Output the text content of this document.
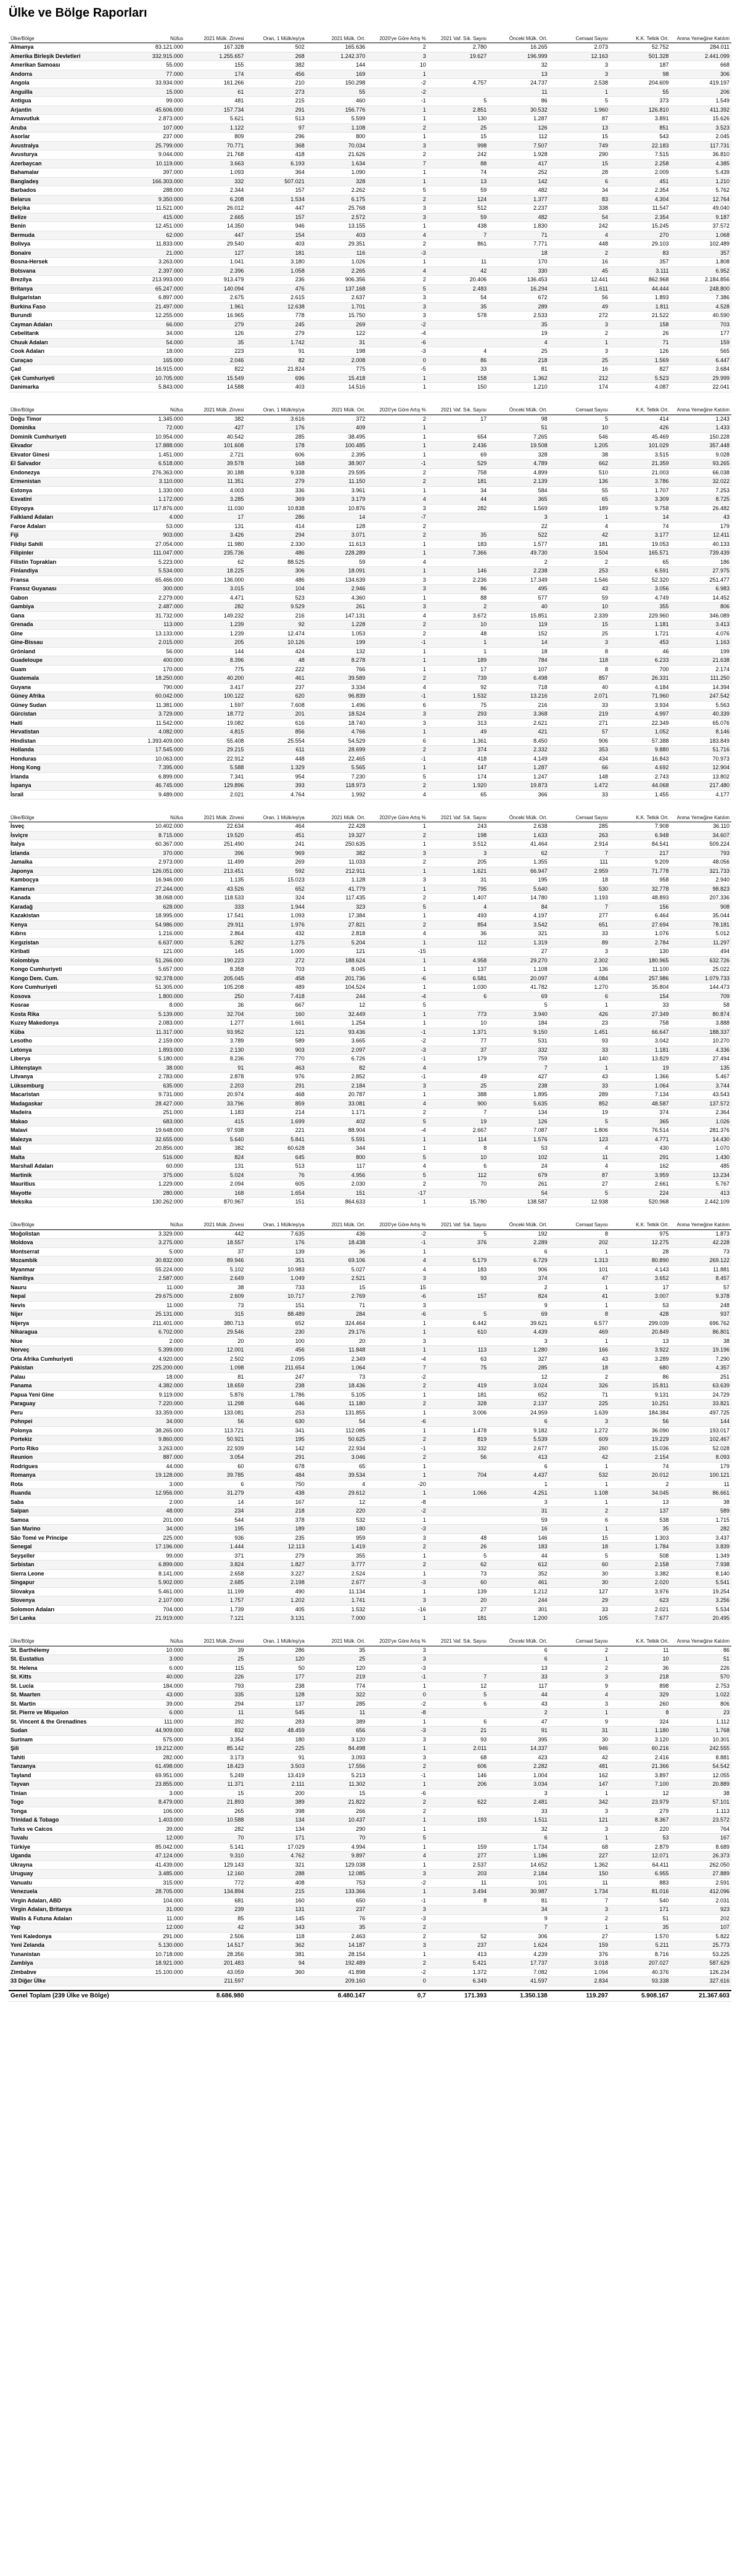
Ülke ve Bölge Raporları
Ülke/Bölge	Nüfus	2021 Mülk. Zirvesi	Oran, 1 Mülk/eş/ya	2021 Mülk. Ort.	2020'ye Göre Artış %	2021 Vaf. Sık. Sayısı	Önceki Mülk. Ort.	Cemaat Sayısı	K.K. Tetkik Ort.	Anma Yemeğine Katılım
Almanya	83.121.000	167.328	502	165.636	2	2.780	16.265	2.073	52.752	284.011
Amerika Birleşik Devletleri	332.915.000	1.255.657	268	1.242.370	3	19.627	196.999	12.163	501.328	2.441.099
Amerikan Samoası	55.000	155	382	144	10		32	3	187	668
Andorra	77.000	174	456	169	1		13	3	98	306
Angola	33.934.000	161.266	210	150.298	-2	4.757	24.737	2.538	204.609	419.197
Anguilla	15.000	61	273	55	-2		11	1	55	206
Antigua	99.000	481	215	460	-1	5	86	5	373	1.549
Arjantin	45.606.000	157.734	291	156.776	1	2.851	30.532	1.960	126.810	411.392
Arnavutluk	2.873.000	5.621	513	5.599	1	130	1.287	87	3.891	15.626
Aruba	107.000	1.122	97	1.108	2	25	126	13	851	3.523
Asorlar	237.000	809	296	800	1	15	112	15	543	2.045
Avustralya	25.799.000	70.771	368	70.034	3	998	7.507	749	22.183	117.731
Avusturya	9.044.000	21.768	418	21.626	2	242	1.928	290	7.515	36.810
Azerbaycan	10.119.000	3.663	6.193	1.634	7	88	417	15	2.258	4.385
Bahamalar	397.000	1.093	364	1.090	1	74	252	28	2.009	5.439
Bangladeş	166.303.000	332	507.021	328	1	13	142	6	451	1.210
Barbados	288.000	2.344	157	2.262	5	59	482	34	2.354	5.762
Belarus	9.350.000	6.208	1.534	6.175	2	124	1.377	83	4.304	12.764
Belçika	11.521.000	26.012	447	25.768	3	512	2.237	338	11.547	49.040
Belize	415.000	2.665	157	2.572	3	59	482	54	2.354	9.187
Benin	12.451.000	14.350	946	13.155	1	438	1.830	242	15.245	37.572
Bermuda	62.000	447	154	403	4	7	71	4	270	1.068
Bolivya	11.833.000	29.540	403	29.351	2	861	7.771	448	29.103	102.489
Bonaire	21.000	127	181	116	-3		18	2	83	357
Bosna-Hersek	3.263.000	1.041	3.180	1.026	1	11	170	16	357	1.808
Botsvana	2.397.000	2.396	1.058	2.265	4	42	330	45	3.111	6.952
Brezilya	213.993.000	913.479	236	906.356	2	20.406	136.453	12.441	862.968	2.184.856
Britanya	65.247.000	140.094	476	137.168	5	2.483	16.294	1.611	44.444	248.800
Bulgaristan	6.897.000	2.675	2.615	2.637	3	54	672	56	1.893	7.386
Burkina Faso	21.497.000	1.961	12.638	1.701	3	35	289	49	1.811	4.528
Burundi	12.255.000	16.965	778	15.750	3	578	2.533	272	21.522	40.590
Cayman Adaları	66.000	279	245	269	-2		35	3	158	703
Cebelitarık	34.000	126	279	122	-4		19	2	26	177
Chuuk Adaları	54.000	35	1.742	31	-6		4	1	71	159
Cook Adaları	18.000	223	91	198	-3	4	25	3	126	565
Curaçao	165.000	2.046	82	2.008	0	86	218	25	1.569	6.447
Çad	16.915.000	822	21.824	775	-5	33	81	16	827	3.684
Çek Cumhuriyeti	10.705.000	15.549	696	15.418	1	158	1.362	212	5.523	29.999
Danimarka	5.843.000	14.588	403	14.516	1	150	1.210	174	4.087	22.041
Ülke/Bölge	Nüfus	2021 Mülk. Zirvesi	Oran, 1 Mülk/eş/ya	2021 Mülk. Ort.	2020'ye Göre Artış %	2021 Vaf. Sık. Sayısı	Önceki Mülk. Ort.	Cemaat Sayısı	K.K. Tetkik Ort.	Anma Yemeğine Katılım
Doğu Timor	1.345.000	382	3.616	372	2	17	98	5	414	1.243
Dominika	72.000	427	176	409	1		51	10	426	1.433
Dominik Cumhuriyeti	10.954.000	40.542	285	38.495	1	654	7.265	546	45.469	150.228
Ekvador	17.888.000	101.608	178	100.485	1	2.436	19.508	1.205	101.029	357.448
Ekvator Ginesi	1.451.000	2.721	606	2.395	1	69	328	38	3.515	9.028
El Salvador	6.518.000	39.578	168	38.907	-1	529	4.789	662	21.359	93.265
Endonezya	276.363.000	30.188	9.338	29.595	2	758	4.899	510	21.003	66.038
Ermenistan	3.110.000	11.351	279	11.150	2	181	2.139	136	3.786	32.022
Estonya	1.330.000	4.003	336	3.961	1	34	584	55	1.707	7.253
Esvatini	1.172.000	3.285	369	3.179	4	44	365	65	3.309	8.725
Etiyopya	117.876.000	11.030	10.838	10.876	3	282	1.569	189	9.758	26.482
Falkland Adaları	4.000	17	286	14	-7		3	1	14	43
Faroe Adaları	53.000	131	414	128	2		22	4	74	179
Fiji	903.000	3.426	294	3.071	2	35	522	42	3.177	12.411
Fildişi Sahili	27.054.000	11.980	2.330	11.613	1	183	1.577	181	19.053	40.133
Filipinler	111.047.000	235.736	486	228.289	1	7.366	49.730	3.504	165.571	739.439
Filistin Toprakları	5.223.000	62	88.525	59	4		2	2	65	186
Finlandiya	5.534.000	18.225	306	18.091	1	146	2.238	253	6.591	27.975
Fransa	65.466.000	136.000	486	134.639	3	2.236	17.349	1.546	52.320	251.477
Fransız Guyanası	300.000	3.015	104	2.946	3	86	495	43	3.056	6.983
Gabon	2.279.000	4.471	523	4.360	1	88	577	59	4.749	14.452
Gambiya	2.487.000	282	9.529	261	3	2	40	10	355	806
Gana	31.732.000	149.232	216	147.131	4	3.672	15.851	2.339	229.960	346.089
Grenada	113.000	1.239	92	1.228	2	10	119	15	1.181	3.413
Gine	13.133.000	1.239	12.474	1.053	2	48	152	25	1.721	4.076
Gine-Bissau	2.015.000	205	10.126	199	-1	1	14	3	453	1.163
Grönland	56.000	144	424	132	1	1	18	8	46	199
Guadeloupe	400.000	8.396	48	8.278	1	189	784	118	6.233	21.638
Guam	170.000	775	222	766	1	17	107	8	700	2.174
Guatemala	18.250.000	40.200	461	39.589	2	739	6.498	857	26.331	111.250
Guyana	790.000	3.417	237	3.334	4	92	718	40	4.184	14.394
Güney Afrika	60.042.000	100.122	620	96.839	-1	1.532	13.216	2.071	71.960	247.542
Güney Sudan	11.381.000	1.597	7.608	1.496	6	75	216	33	3.934	5.563
Gürcistan	3.729.000	18.772	201	18.524	3	293	3.368	219	4.997	40.339
Haiti	11.542.000	19.082	616	18.740	3	313	2.621	271	22.349	65.076
Hırvatistan	4.082.000	4.815	856	4.766	1	49	421	57	1.052	8.146
Hindistan	1.393.409.000	55.408	25.554	54.529	6	1.361	8.450	906	57.388	183.849
Hollanda	17.545.000	29.215	611	28.699	2	374	2.332	353	9.880	51.716
Honduras	10.063.000	22.912	448	22.465	-1	418	4.149	434	16.843	70.973
Hong Kong	7.395.000	5.588	1.329	5.565	1	147	1.287	66	4.692	12.904
İrlanda	6.899.000	7.341	954	7.230	5	174	1.247	148	2.743	13.802
İspanya	46.745.000	129.896	393	118.973	2	1.920	19.873	1.472	44.068	217.480
İsrail	9.489.000	2.021	4.764	1.992	4	65	366	33	1.455	4.177
Ülke/Bölge	Nüfus	2021 Mülk. Zirvesi	Oran, 1 Mülk/eş/ya	2021 Mülk. Ort.	2020'ye Göre Artış %	2021 Vaf. Sık. Sayısı	Önceki Mülk. Ort.	Cemaat Sayısı	K.K. Tetkik Ort.	Anma Yemeğine Katılım
İsveç	10.402.000	22.634	464	22.428	1	243	2.638	285	7.908	36.110
İsviçre	8.715.000	19.520	451	19.327	2	198	1.633	263	6.948	34.607
İtalya	60.367.000	251.490	241	250.635	1	3.512	41.464	2.914	84.541	509.224
İzlanda	370.000	396	969	382	3	3	62	7	217	793
Jamaika	2.973.000	11.499	269	11.033	2	205	1.355	111	9.209	48.056
Japonya	126.051.000	213.451	592	212.911	1	1.621	66.947	2.959	71.778	321.733
Kamboçya	16.946.000	1.135	15.023	1.128	3	31	195	18	958	2.940
Kamerun	27.244.000	43.526	652	41.779	1	795	5.640	530	32.778	98.823
Kanada	38.068.000	118.533	324	117.435	2	1.407	14.780	1.193	48.893	207.336
Karadağ	628.000	333	1.944	323	5	4	84	7	156	908
Kazakistan	18.995.000	17.541	1.093	17.384	1	493	4.197	277	6.464	35.044
Kenya	54.986.000	29.911	1.976	27.821	2	854	3.542	651	27.694	78.181
Kıbrıs	1.216.000	2.864	432	2.818	4	36	321	33	1.076	5.012
Kırgızistan	6.637.000	5.282	1.275	5.204	1	112	1.319	89	2.784	11.297
Kiribati	121.000	145	1.000	121	-15		27	3	130	494
Kolombiya	51.266.000	190.223	272	188.624	1	4.958	29.270	2.302	180.965	632.726
Kongo Cumhuriyeti	5.657.000	8.358	703	8.045	1	137	1.108	136	11.100	25.022
Kongo Dem. Cum.	92.378.000	205.045	458	201.736	-6	6.581	20.097	4.084	257.986	1.079.733
Kore Cumhuriyeti	51.305.000	105.208	489	104.524	1	1.030	41.782	1.270	35.804	144.473
Kosova	1.800.000	250	7.418	244	-4	6	69	6	154	709
Kosrae	8.000	36	667	12	5		5	1	33	58
Kosta Rika	5.139.000	32.704	160	32.449	1	773	3.940	426	27.349	80.874
Kuzey Makedonya	2.083.000	1.277	1.661	1.254	1	10	184	23	758	3.888
Küba	11.317.000	93.952	121	93.436	-1	1.371	9.150	1.451	66.647	188.337
Lesotho	2.159.000	3.789	589	3.665	-2	77	531	93	3.042	10.270
Letonya	1.893.000	2.130	903	2.097	-3	37	332	33	1.181	4.336
Liberya	5.180.000	8.236	770	6.726	-1	179	759	140	13.829	27.494
Lihtenştayn	38.000	91	463	82	4		7	1	19	135
Litvanya	2.783.000	2.878	976	2.852	-1	49	427	43	1.366	5.467
Lüksemburg	635.000	2.203	291	2.184	3	25	238	33	1.064	3.744
Macaristan	9.731.000	20.974	468	20.787	1	388	1.895	289	7.134	43.543
Madagaskar	28.427.000	33.796	859	33.081	4	900	5.635	852	48.587	137.572
Madeira	251.000	1.183	214	1.171	2	7	134	19	374	2.364
Makao	683.000	415	1.699	402	5	19	126	5	365	1.026
Malavi	19.648.000	97.938	221	88.904	-4	2.667	7.087	1.806	76.514	281.376
Malezya	32.655.000	5.640	5.841	5.591	1	114	1.576	123	4.771	14.430
Mali	20.856.000	382	60.628	344	1	8	53	4	430	1.070
Malta	516.000	824	645	800	5	10	102	11	291	1.430
Marshall Adaları	60.000	131	513	117	4	6	24	4	162	485
Martinik	375.000	5.024	76	4.956	5	112	679	87	3.959	13.234
Mauritius	1.229.000	2.094	605	2.030	2	70	261	27	2.661	5.767
Mayotte	280.000	168	1.654	151	-17		54	5	224	413
Meksika	130.262.000	870.967	151	864.633	1	15.780	138.587	12.938	520.968	2.442.109
Ülke/Bölge	Nüfus	2021 Mülk. Zirvesi	Oran, 1 Mülk/eş/ya	2021 Mülk. Ort.	2020'ye Göre Artış %	2021 Vaf. Sık. Sayısı	Önceki Mülk. Ort.	Cemaat Sayısı	K.K. Tetkik Ort.	Anma Yemeğine Katılım
Moğolistan	3.329.000	442	7.635	436	-2	5	192	8	975	1.873
Moldova	3.275.000	18.557	176	18.438	-1	376	2.289	202	12.275	42.228
Montserrat	5.000	37	139	36	1		6	1	28	73
Mozambik	30.832.000	89.946	351	69.106	4	5.179	6.729	1.313	80.890	269.122
Myanmar	55.224.000	5.102	10.983	5.027	4	183	906	101	4.143	11.881
Namibya	2.587.000	2.649	1.049	2.521	3	93	374	47	3.652	8.457
Nauru	11.000	38	733	15	15		2	1	17	57
Nepal	29.675.000	2.609	10.717	2.769	-6	157	824	41	3.007	9.378
Nevis	11.000	73	151	71	3		9	1	53	248
Nijer	25.131.000	315	88.489	284	-6	5	69	8	428	937
Nijerya	211.401.000	380.713	652	324.464	1	6.442	39.621	6.577	299.039	696.762
Nikaragua	6.702.000	29.546	230	29.176	1	610	4.439	469	20.849	86.801
Niue	2.000	20	100	20	3		3	1	13	38
Norveç	5.399.000	12.001	456	11.848	1	113	1.280	166	3.922	19.196
Orta Afrika Cumhuriyeti	4.920.000	2.502	2.095	2.349	-4	63	327	43	3.289	7.290
Pakistan	225.200.000	1.098	211.654	1.064	7	75	285	18	680	4.357
Palau	18.000	81	247	73	-2		12	2	86	251
Panama	4.382.000	18.659	238	18.436	2	419	3.024	326	15.811	63.639
Papua Yeni Gine	9.119.000	5.876	1.786	5.105	1	181	652	71	9.131	24.729
Paraguay	7.220.000	11.298	646	11.180	2	328	2.137	225	10.251	33.821
Peru	33.359.000	133.081	253	131.855	1	3.006	24.959	1.639	184.384	497.725
Pohnpei	34.000	56	630	54	-6		6	3	56	144
Polonya	38.265.000	113.721	341	112.085	1	1.478	9.182	1.272	36.090	193.017
Portekiz	9.860.000	50.921	195	50.625	2	819	5.539	609	19.229	102.467
Porto Riko	3.263.000	22.939	142	22.934	-1	332	2.677	260	15.036	52.028
Reunion	887.000	3.054	291	3.046	2	56	413	42	2.154	8.093
Rodrigues	44.000	60	678	65	1		6	1	74	179
Romanya	19.128.000	39.785	484	39.534	1	704	4.437	532	20.012	100.121
Rota	3.000	6	750	4	-20		1	1	2	11
Ruanda	12.956.000	31.279	438	29.612	1	1.066	4.251	1.108	34.045	86.661
Saba	2.000	14	167	12	-8		3	1	13	38
Saipan	48.000	234	218	220	-2		31	2	137	589
Samoa	201.000	544	378	532	1		59	6	538	1.715
San Marino	34.000	195	189	180	-3		16	1	35	282
São Tomé ve Principe	225.000	936	235	959	3	48	146	15	1.303	3.437
Senegal	17.196.000	1.444	12.113	1.419	2	26	183	18	1.784	3.839
Seyşeller	99.000	371	279	355	1	5	44	5	508	1.349
Sırbistan	6.899.000	3.824	1.827	3.777	2	62	612	60	2.158	7.938
Sierra Leone	8.141.000	2.658	3.227	2.524	1	73	352	30	3.382	8.140
Singapur	5.902.000	2.685	2.198	2.677	-3	60	461	30	2.020	5.541
Slovakya	5.461.000	11.199	490	11.134	1	139	1.212	127	3.976	19.254
Slovenya	2.107.000	1.757	1.202	1.741	3	20	244	29	623	3.256
Solomon Adaları	704.000	1.739	405	1.532	-16	27	301	33	2.021	5.534
Sri Lanka	21.919.000	7.121	3.131	7.000	1	181	1.200	105	7.677	20.495
Ülke/Bölge	Nüfus	2021 Mülk. Zirvesi	Oran, 1 Mülk/eş/ya	2021 Mülk. Ort.	2020'ye Göre Artış %	2021 Vaf. Sık. Sayısı	Önceki Mülk. Ort.	Cemaat Sayısı	K.K. Tetkik Ort.	Anma Yemeğine Katılım
St. Barthélemy	10.000	39	286	35	3		6	2	11	86
St. Eustatius	3.000	25	120	25	3		6	1	10	51
St. Helena	6.000	115	50	120	-3		13	2	36	226
St. Kitts	40.000	226	177	219	-1	7	33	3	218	570
St. Lucia	184.000	793	238	774	1	12	117	9	898	2.753
St. Maarten	43.000	335	128	322	0	5	44	4	329	1.022
St. Martin	39.000	294	137	285	-2	6	43	3	260	806
St. Pierre ve Miquelon	6.000	11	545	11	-8		2	1	8	23
St. Vincent & the Grenadines	111.000	392	283	389	1	6	47	9	324	1.112
Sudan	44.909.000	832	48.459	656	-3	21	91	31	1.180	1.768
Surinam	575.000	3.354	180	3.120	3	93	395	30	3.120	10.301
Şili	19.212.000	85.142	225	84.498	1	2.011	14.337	946	60.216	242.555
Tahiti	282.000	3.173	91	3.093	3	68	423	42	2.416	8.881
Tanzanya	61.498.000	18.423	3.503	17.556	2	606	2.282	481	21.366	54.542
Tayland	69.951.000	5.249	13.419	5.213	-1	146	1.004	162	3.897	12.055
Tayvan	23.855.000	11.371	2.111	11.302	1	206	3.034	147	7.100	20.889
Tinian	3.000	15	200	15	-6		3	1	12	38
Togo	8.479.000	21.893	389	21.822	2	622	2.481	342	23.979	57.101
Tonga	106.000	265	398	266	2		33	3	279	1.113
Trinidad & Tobago	1.403.000	10.588	134	10.437	1	193	1.511	121	8.367	23.572
Turks ve Caicos	39.000	282	134	290	1		32	3	220	764
Tuvalu	12.000	70	171	70	5		6	1	53	167
Türkiye	85.042.000	5.141	17.029	4.994	1	159	1.734	68	2.879	8.689
Uganda	47.124.000	9.310	4.762	9.897	4	277	1.186	227	12.071	26.373
Ukrayna	41.439.000	129.143	321	129.038	1	2.537	14.652	1.362	64.411	262.050
Uruguay	3.485.000	12.160	288	12.085	3	203	2.184	150	6.955	27.889
Vanuatu	315.000	772	408	753	-2	11	101	11	883	2.591
Venezuela	28.705.000	134.894	215	133.366	1	3.494	30.987	1.734	81.016	412.096
Virgin Adaları, ABD	104.000	681	160	650	-1	8	81	7	540	2.031
Virgin Adaları, Britanya	31.000	239	131	237	3		34	3	171	923
Wallis & Futuna Adaları	11.000	85	145	76	-3		9	2	51	202
Yap	12.000	42	343	35	2		7	1	35	107
Yeni Kaledonya	291.000	2.506	118	2.463	2	52	306	27	1.570	5.822
Yeni Zelanda	5.130.000	14.517	362	14.187	3	237	1.624	159	5.211	25.773
Yunanistan	10.718.000	28.356	381	28.154	1	413	4.239	376	8.716	53.225
Zambiya	18.921.000	201.483	94	192.489	2	5.421	17.737	3.018	207.027	587.629
Zimbabve	15.100.000	43.059	360	41.898	-2	1.372	7.082	1.094	40.376	126.234
33 Diğer Ülke		211.597		209.160	0	6.349	41.597	2.834	93.338	327.616
Genel Toplam (239 Ülke ve Bölge)		8.686.980		8.480.147	0,7	171.393	1.350.138	119.297	5.908.167	21.367.603
